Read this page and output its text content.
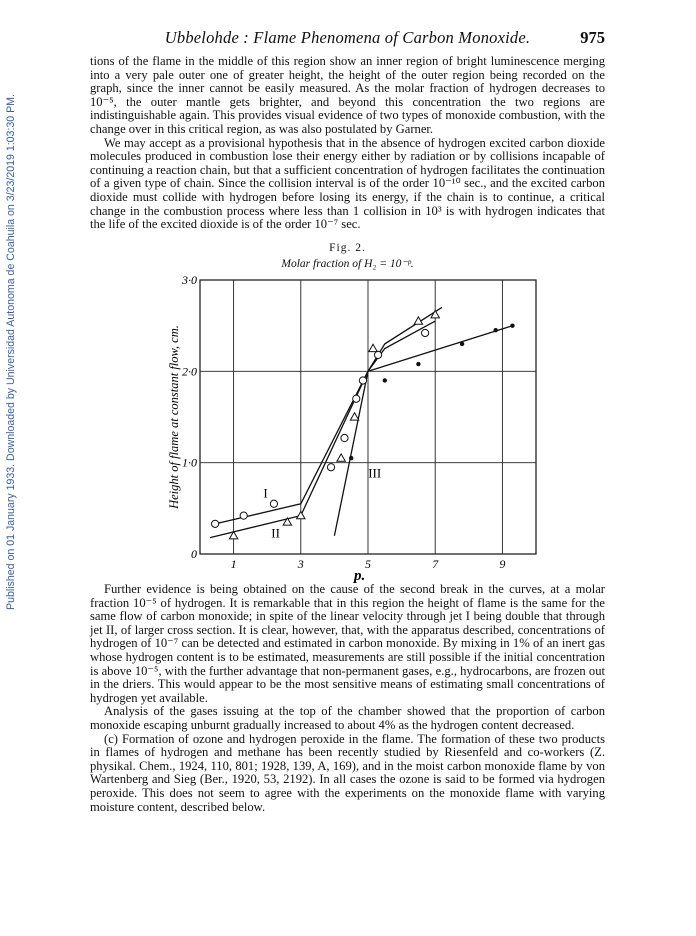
Published on 01 January 1933. Downloaded by Universidad Autonoma de Coahuila on 3/23/2019 1:03:30 PM.
Ubbelohde : Flame Phenomena of Carbon Monoxide.	975

tions of the flame in the middle of this region show an inner region of bright luminescence merging into a very pale outer one of greater height, the height of the outer region being recorded on the graph, since the inner cannot be easily measured. As the molar fraction of hydrogen decreases to 10⁻⁵, the outer mantle gets brighter, and beyond this concentration the two regions are indistinguishable again. This provides visual evidence of two types of monoxide combustion, with the change over in this critical region, as was also postulated by Garner.

We may accept as a provisional hypothesis that in the absence of hydrogen excited carbon dioxide molecules produced in combustion lose their energy either by radiation or by collisions incapable of continuing a reaction chain, but that a sufficient concentration of hydrogen facilitates the continuation of a given type of chain. Since the collision interval is of the order 10⁻¹⁰ sec., and the excited carbon dioxide must collide with hydrogen before losing its energy, if the chain is to continue, a critical change in the combustion process where less than 1 collision in 10³ is with hydrogen indicates that the life of the excited dioxide is of the order 10⁻⁷ sec.

Fig. 2.
Molar fraction of H₂ = 10⁻ᵖ.
1	3	5	7	9
0
1·0
2·0
3·0
p.
Height of flame at constant flow, cm.	I
II
III

Further evidence is being obtained on the cause of the second break in the curves, at a molar fraction 10⁻⁵ of hydrogen. It is remarkable that in this region the height of flame is the same for the same flow of carbon monoxide; in spite of the linear velocity through jet I being double that through jet II, of larger cross section. It is clear, however, that, with the apparatus described, concentrations of hydrogen of 10⁻⁷ can be detected and estimated in carbon monoxide. By mixing in 1% of an inert gas whose hydrogen content is to be estimated, measurements are still possible if the initial concentration is above 10⁻⁵, with the further advantage that non-permanent gases, e.g., hydrocarbons, are frozen out in the driers. This would appear to be the most sensitive means of estimating small concentrations of hydrogen yet available.

Analysis of the gases issuing at the top of the chamber showed that the proportion of carbon monoxide escaping unburnt gradually increased to about 4% as the hydrogen content decreased.

(c) Formation of ozone and hydrogen peroxide in the flame. The formation of these two products in flames of hydrogen and methane has been recently studied by Riesenfeld and co-workers (Z. physikal. Chem., 1924, 110, 801; 1928, 139, A, 169), and in the moist carbon monoxide flame by von Wartenberg and Sieg (Ber., 1920, 53, 2192). In all cases the ozone is said to be formed via hydrogen peroxide. This does not seem to agree with the experiments on the monoxide flame with varying moisture content, described below.
